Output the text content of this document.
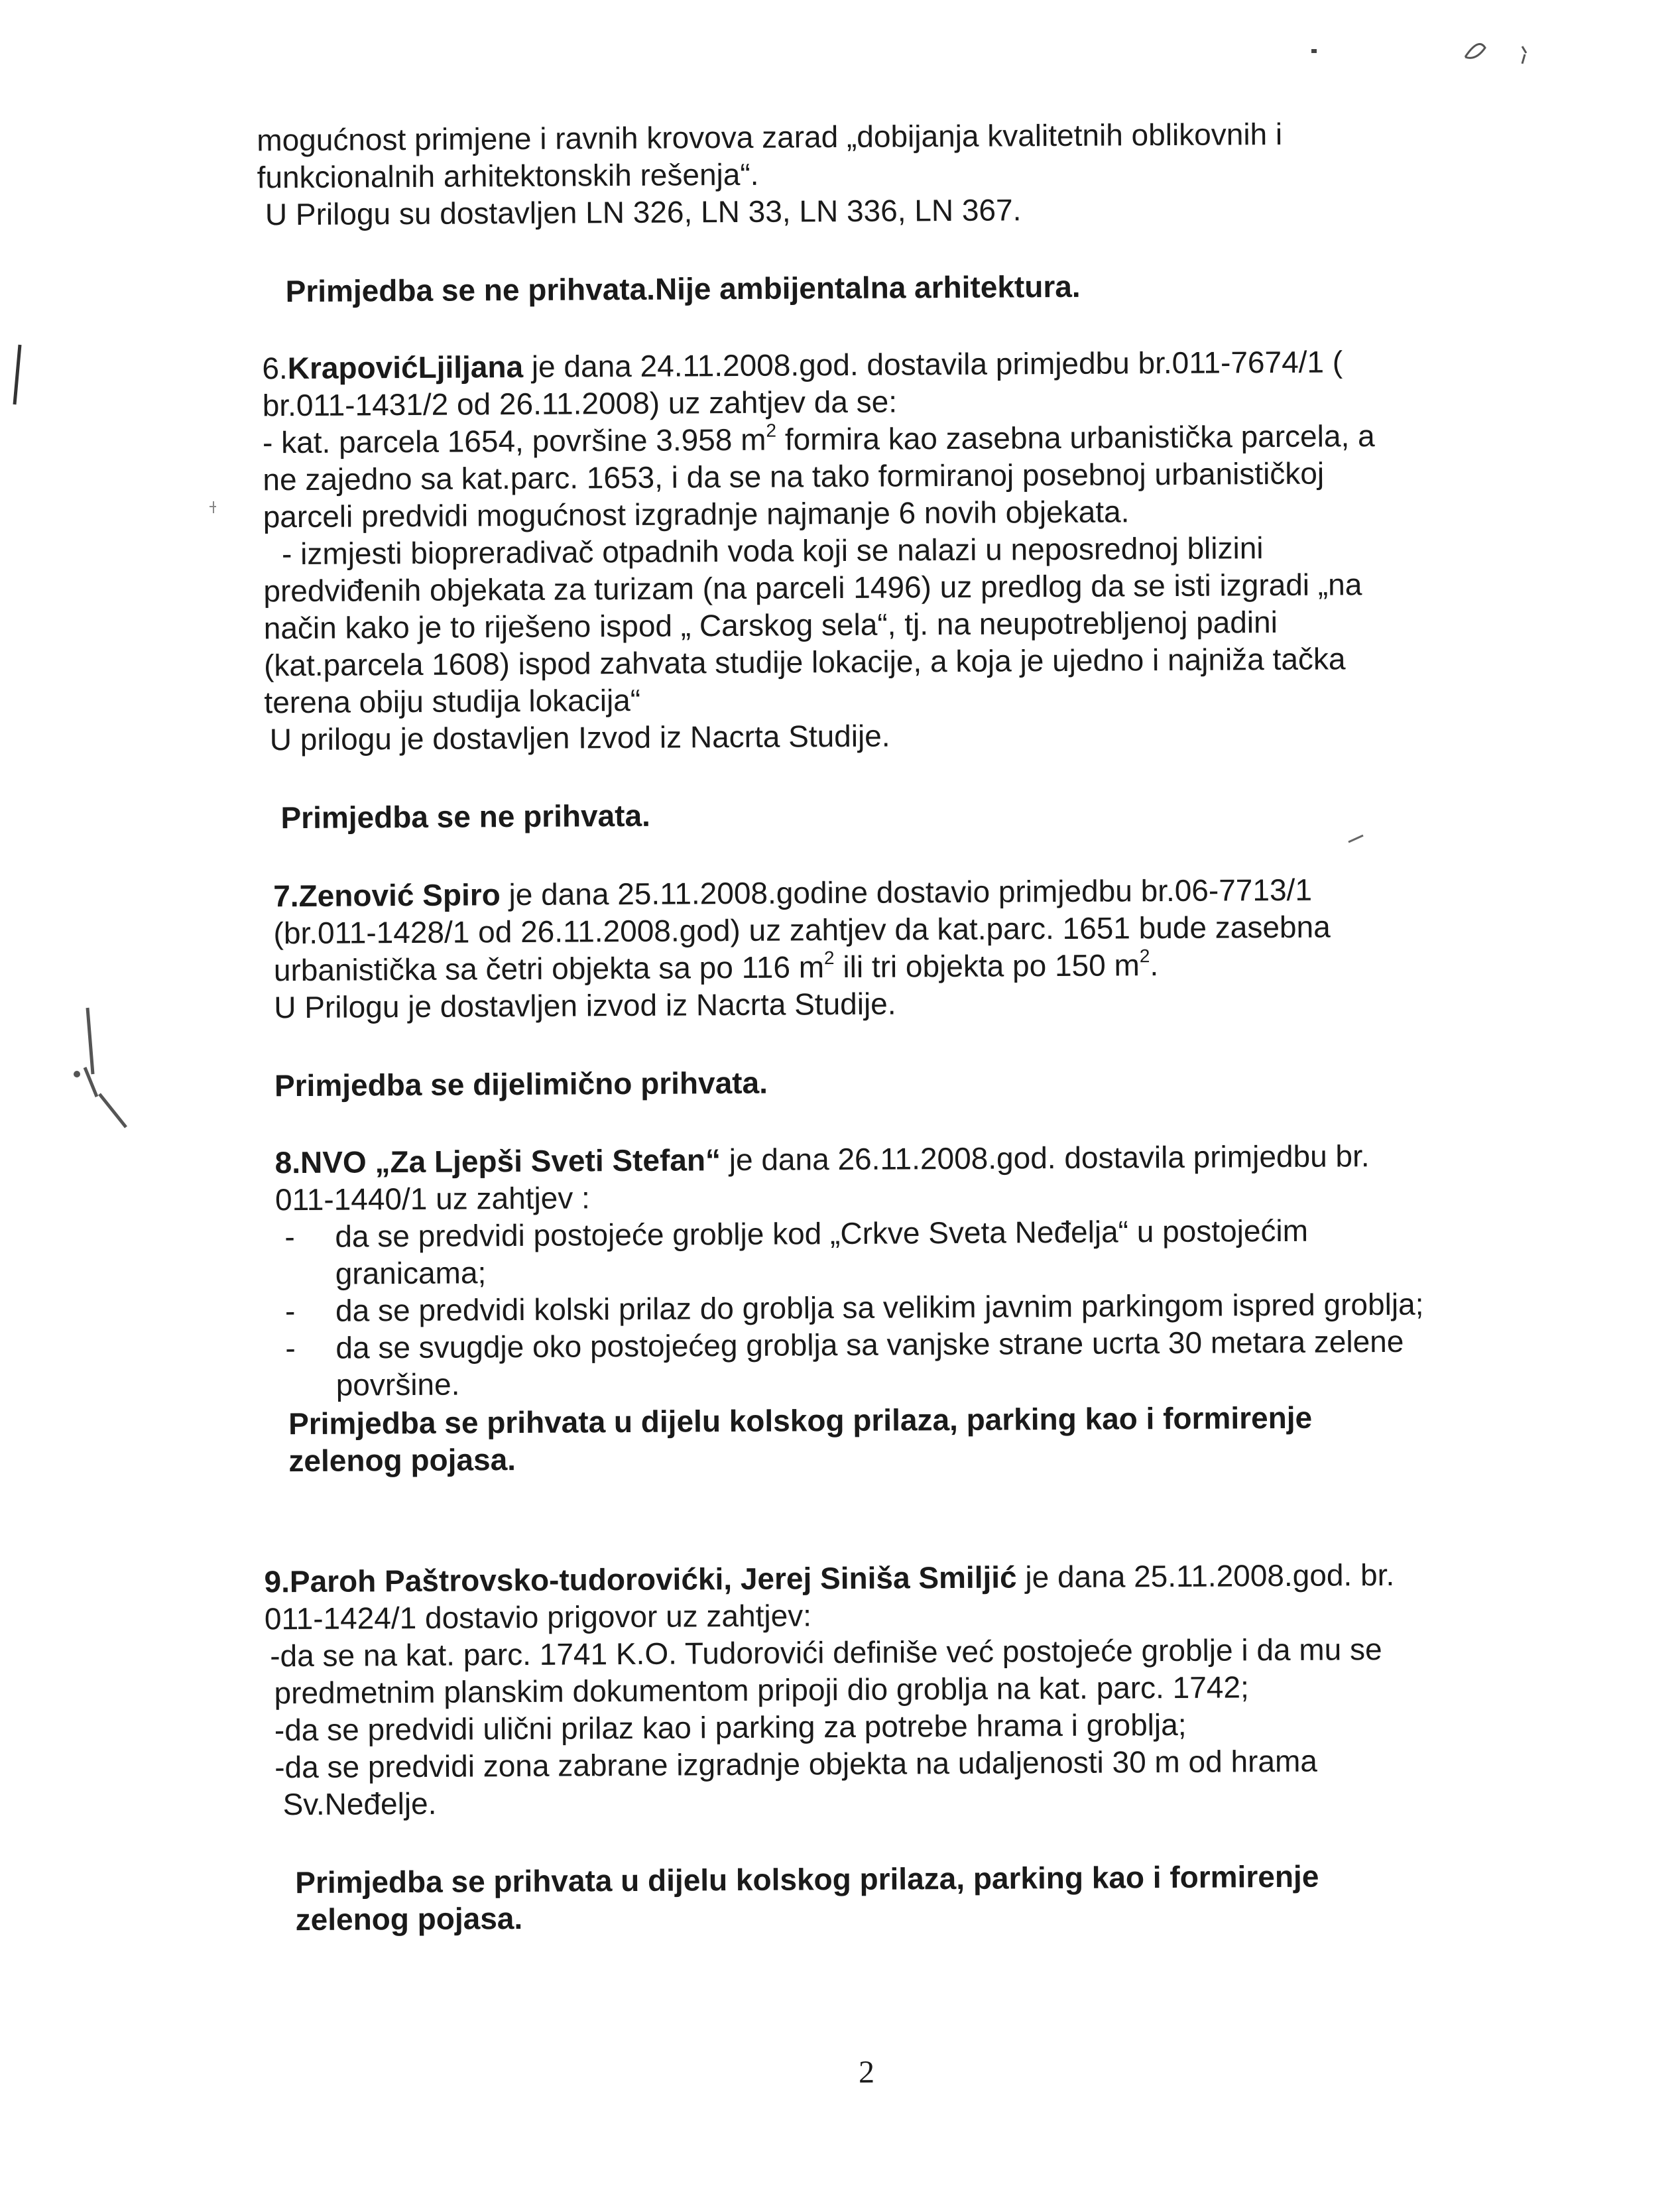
mogućnost primjene i ravnih krovova zarad „dobijanja kvalitetnih oblikovnih i
funkcionalnih arhitektonskih rešenja“.
U Prilogu su dostavljen LN 326, LN 33, LN 336, LN 367.
Primjedba se ne prihvata.Nije ambijentalna arhitektura.
6.KrapovićLjiljana je dana 24.11.2008.god. dostavila primjedbu br.011-7674/1 (
br.011-1431/2 od 26.11.2008) uz zahtjev da se:
- kat. parcela 1654, površine 3.958 $m^2$ formira kao zasebna urbanistička parcela, a
ne zajedno sa kat.parc. 1653, i da se na tako formiranoj posebnoj urbanističkoj
parceli predvidi mogućnost izgradnje najmanje 6 novih objekata.
- izmjesti biopreradivač otpadnih voda koji se nalazi u neposrednoj blizini
predviđenih objekata za turizam (na parceli 1496) uz predlog da se isti izgradi „na
način kako je to riješeno ispod „ Carskog sela“, tj. na neupotrebljenoj padini
(kat.parcela 1608) ispod zahvata studije lokacije, a koja je ujedno i najniža tačka
terena obiju studija lokacija“
U prilogu je dostavljen Izvod iz Nacrta Studije.
Primjedba se ne prihvata.
7.Zenović Spiro je dana 25.11.2008.godine dostavio primjedbu br.06-7713/1
(br.011-1428/1 od 26.11.2008.god) uz zahtjev da kat.parc. 1651 bude zasebna
urbanistička sa četri objekta sa po 116 $m^2$ ili tri objekta po 150 $m^2$.
U Prilogu je dostavljen izvod iz Nacrta Studije.
Primjedba se dijelimično prihvata.
8.NVO „Za Ljepši Sveti Stefan“ je dana 26.11.2008.god. dostavila primjedbu br.
011-1440/1 uz zahtjev :
- da se predvidi postojeće groblje kod „Crkve Sveta Neđelja“ u postojećim
granicama;
- da se predvidi kolski prilaz do groblja sa velikim javnim parkingom ispred groblja;
- da se svugdje oko postojećeg groblja sa vanjske strane ucrta 30 metara zelene
površine.
Primjedba se prihvata u dijelu kolskog prilaza, parking kao i formirenje
zelenog pojasa.
9.Paroh Paštrovsko-tudorovićki, Jerej Siniša Smiljić je dana 25.11.2008.god. br.
011-1424/1 dostavio prigovor uz zahtjev:
-da se na kat. parc. 1741 K.O. Tudorovići definiše već postojeće groblje i da mu se
predmetnim planskim dokumentom pripoji dio groblja na kat. parc. 1742;
-da se predvidi ulični prilaz kao i parking za potrebe hrama i groblja;
-da se predvidi zona zabrane izgradnje objekta na udaljenosti 30 m od hrama
Sv.Neđelje.
Primjedba se prihvata u dijelu kolskog prilaza, parking kao i formirenje
zelenog pojasa.
2
